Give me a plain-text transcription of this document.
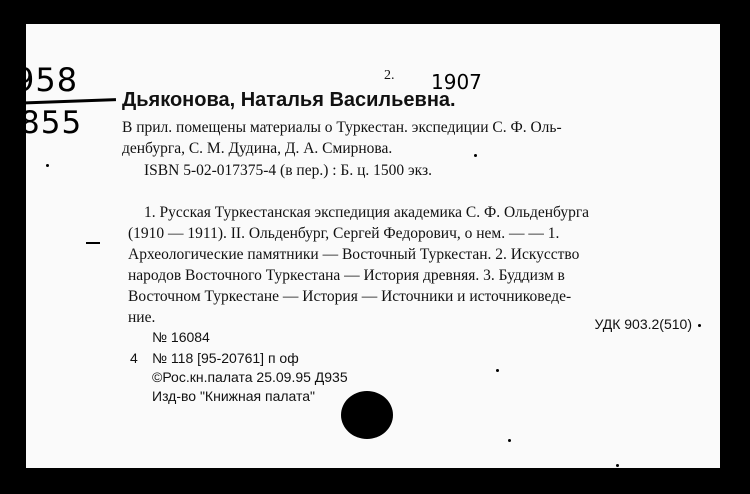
958
855
2. 1907
Дьяконова, Наталья Васильевна.
В прил. помещены материалы о Туркестан. экспедиции С. Ф. Оль-
денбурга, С. М. Дудина, Д. А. Смирнова.
ISBN 5-02-017375-4 (в пер.) : Б. ц. 1500 экз.
1. Русская Туркестанская экспедиция академика С. Ф. Ольденбурга
(1910 — 1911). II. Ольденбург, Сергей Федорович, о нем. — — 1.
Археологические памятники — Восточный Туркестан. 2. Искусство
народов Восточного Туркестана — История древняя. 3. Буддизм в
Восточном Туркестане — История — Источники и источниковеде-
ние.	УДК 903.2(510)
№ 16084
4 № 118 [95-20761] п оф
©Рос.кн.палата 25.09.95 Д935
Изд-во "Книжная палата"
